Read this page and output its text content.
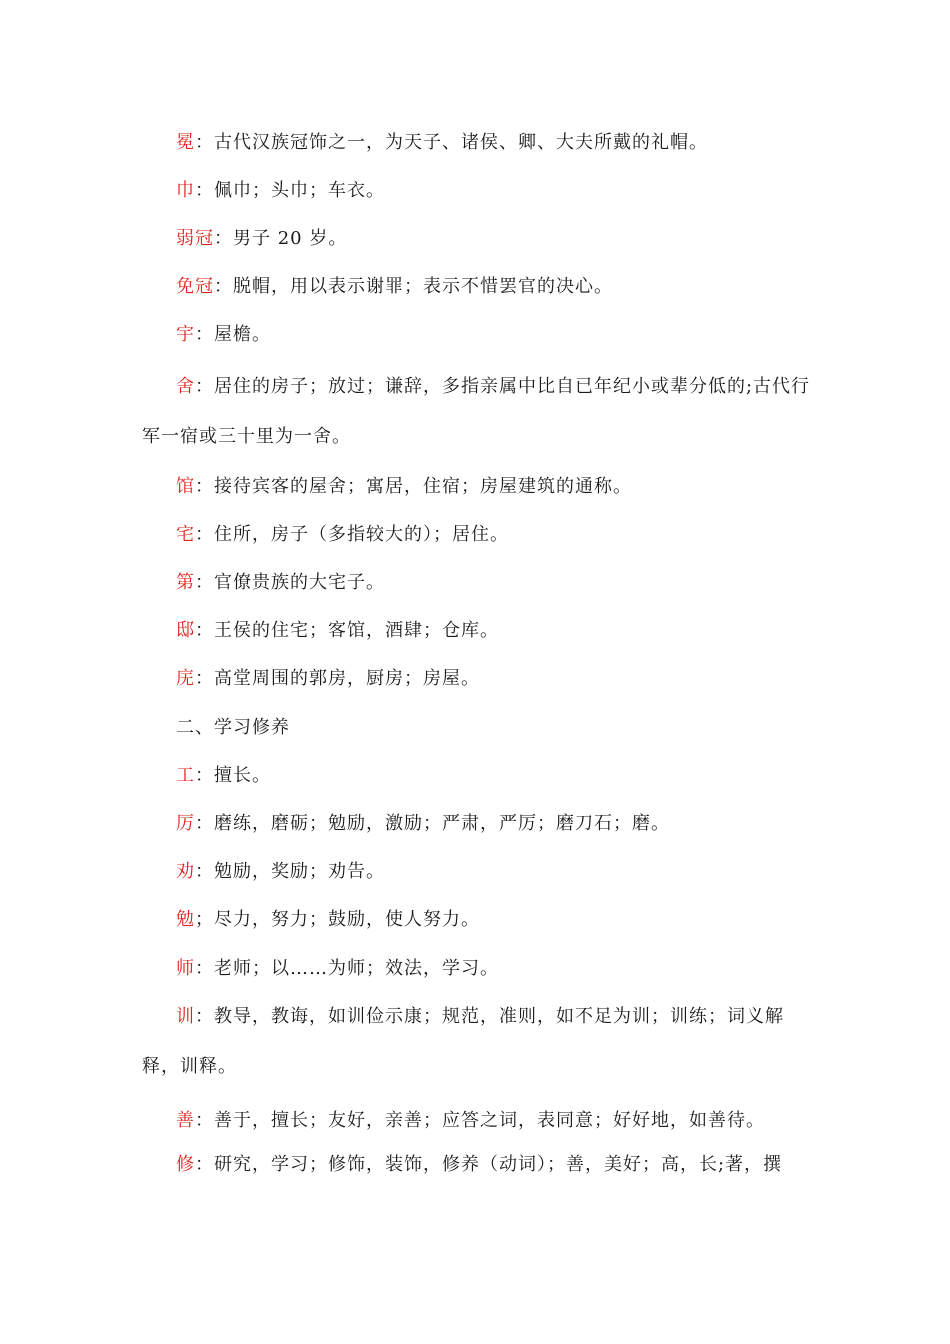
冕：古代汉族冠饰之一，为天子、诸侯、卿、大夫所戴的礼帽。
巾：佩巾；头巾；车衣。
弱冠：男子 20 岁。
免冠：脱帽，用以表示谢罪；表示不惜罢官的决心。
宇：屋檐。
舍：居住的房子；放过；谦辞，多指亲属中比自已年纪小或辈分低的;古代行军一宿或三十里为一舍。
馆：接待宾客的屋舍；寓居，住宿；房屋建筑的通称。
宅：住所，房子（多指较大的）；居住。
第：官僚贵族的大宅子。
邸：王侯的住宅；客馆，酒肆；仓库。
庑：高堂周围的郭房，厨房；房屋。
二、学习修养
工：擅长。
厉：磨练，磨砺；勉励，激励；严肃，严厉；磨刀石；磨。
劝：勉励，奖励；劝告。
勉；尽力，努力；鼓励，使人努力。
师：老师；以……为师；效法，学习。
训：教导，教诲，如训俭示康；规范，准则，如不足为训；训练；词义解释，训释。
善：善于，擅长；友好，亲善；应答之词，表同意；好好地，如善待。
修：研究，学习；修饰，装饰，修养（动词）；善，美好；高，长;著，撰
